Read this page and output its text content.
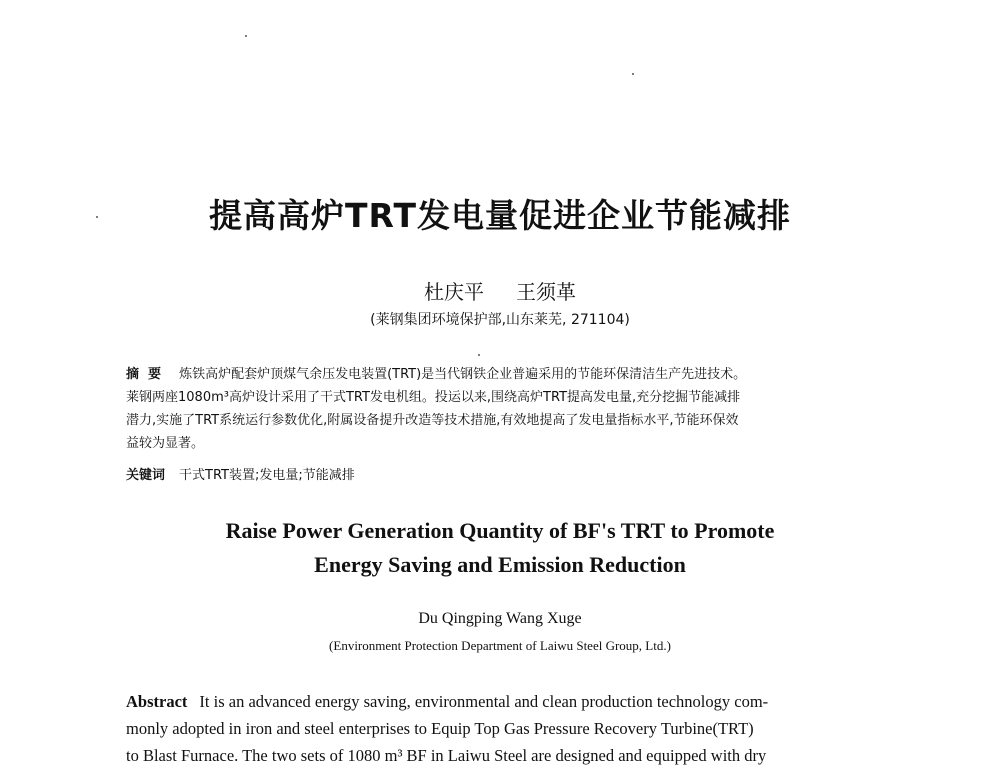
提高高炉TRT发电量促进企业节能减排
杜庆平 王须革
(莱钢集团环境保护部,山东莱芜, 271104)
摘  要 炼铁高炉配套炉顶煤气余压发电装置(TRT)是当代钢铁企业普遍采用的节能环保清洁生产先进技术。
莱钢两座1080m³高炉设计采用了干式TRT发电机组。投运以来,围绕高炉TRT提高发电量,充分挖掘节能减排
潜力,实施了TRT系统运行参数优化,附属设备提升改造等技术措施,有效地提高了发电量指标水平,节能环保效
益较为显著。
关键词 干式TRT装置;发电量;节能减排
Raise Power Generation Quantity of BF's TRT to Promote
Energy Saving and Emission Reduction
Du Qingping Wang Xuge
(Environment Protection Department of Laiwu Steel Group, Ltd.)
Abstract It is an advanced energy saving, environmental and clean production technology com-
monly adopted in iron and steel enterprises to Equip Top Gas Pressure Recovery Turbine(TRT)
to Blast Furnace. The two sets of 1080 m³ BF in Laiwu Steel are designed and equipped with dry
